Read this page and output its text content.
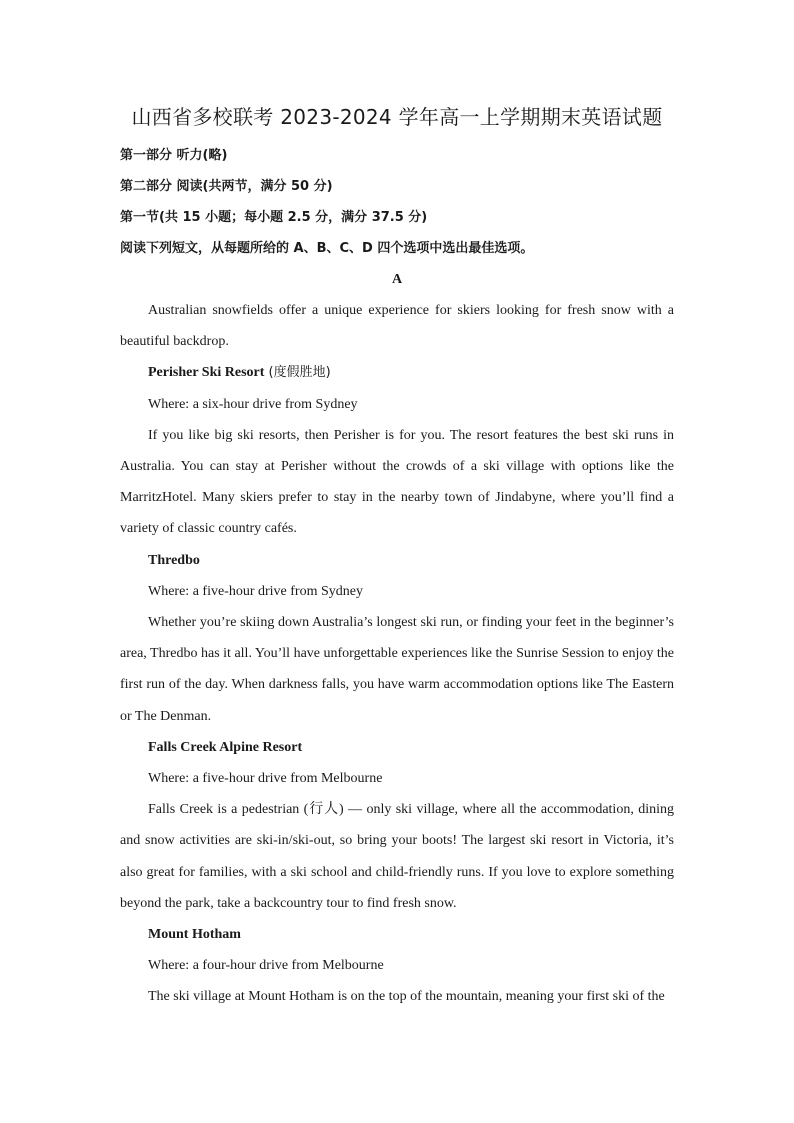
山西省多校联考 2023-2024 学年高一上学期期末英语试题
第一部分 听力(略)
第二部分 阅读(共两节，满分 50 分)
第一节(共 15 小题；每小题 2.5 分，满分 37.5 分)
阅读下列短文，从每题所给的 A、B、C、D 四个选项中选出最佳选项。
A

Australian snowfields offer a unique experience for skiers looking for fresh snow with a beautiful backdrop.

Perisher Ski Resort (度假胜地)

Where: a six-hour drive from Sydney

If you like big ski resorts, then Perisher is for you. The resort features the best ski runs in Australia. You can stay at Perisher without the crowds of a ski village with options like the MarritzHotel. Many skiers prefer to stay in the nearby town of Jindabyne, where you’ll find a variety of classic country cafés.

Thredbo

Where: a five-hour drive from Sydney

Whether you’re skiing down Australia’s longest ski run, or finding your feet in the beginner’s area, Thredbo has it all. You’ll have unforgettable experiences like the Sunrise Session to enjoy the first run of the day. When darkness falls, you have warm accommodation options like The Eastern or The Denman.

Falls Creek Alpine Resort

Where: a five-hour drive from Melbourne

Falls Creek is a pedestrian (行人) — only ski village, where all the accommodation, dining and snow activities are ski-in/ski-out, so bring your boots! The largest ski resort in Victoria, it’s also great for families, with a ski school and child-friendly runs. If you love to explore something beyond the park, take a backcountry tour to find fresh snow.

Mount Hotham

Where: a four-hour drive from Melbourne

The ski village at Mount Hotham is on the top of the mountain, meaning your first ski of the
